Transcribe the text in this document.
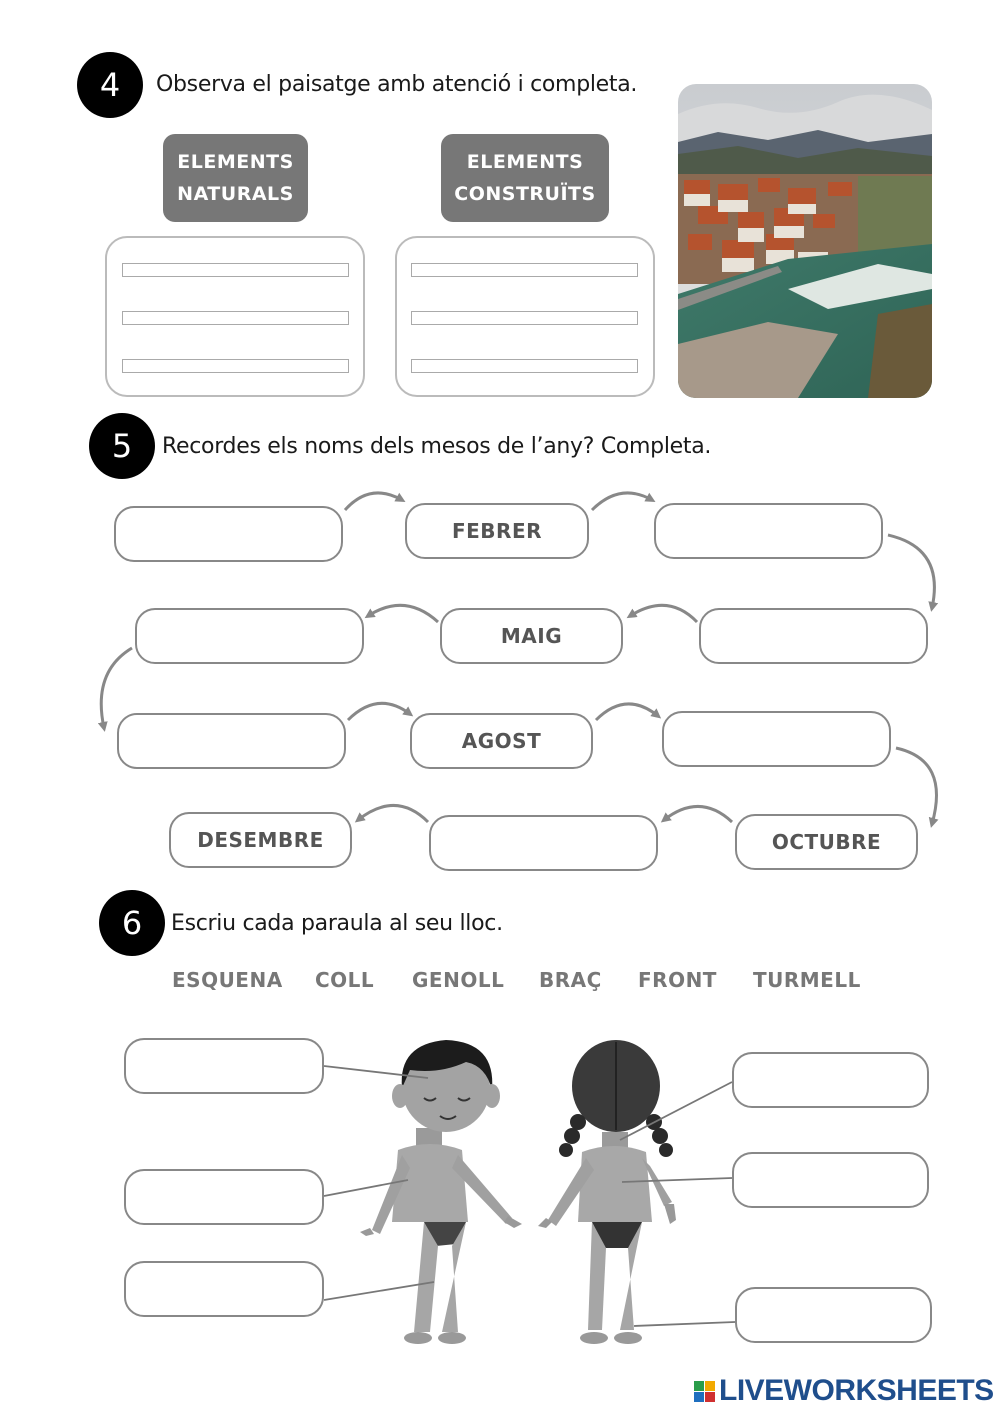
4	Observa el paisatge amb atenció i completa.
ELEMENTS
NATURALS
ELEMENTS
CONSTRUÏTS
5	Recordes els noms dels mesos de l’any? Completa.
FEBRER
MAIG
AGOST
DESEMBRE	OCTUBRE
6	Escriu cada paraula al seu lloc.
ESQUENA COLL GENOLL BRAÇ FRONT TURMELL
LIVEWORKSHEETS
